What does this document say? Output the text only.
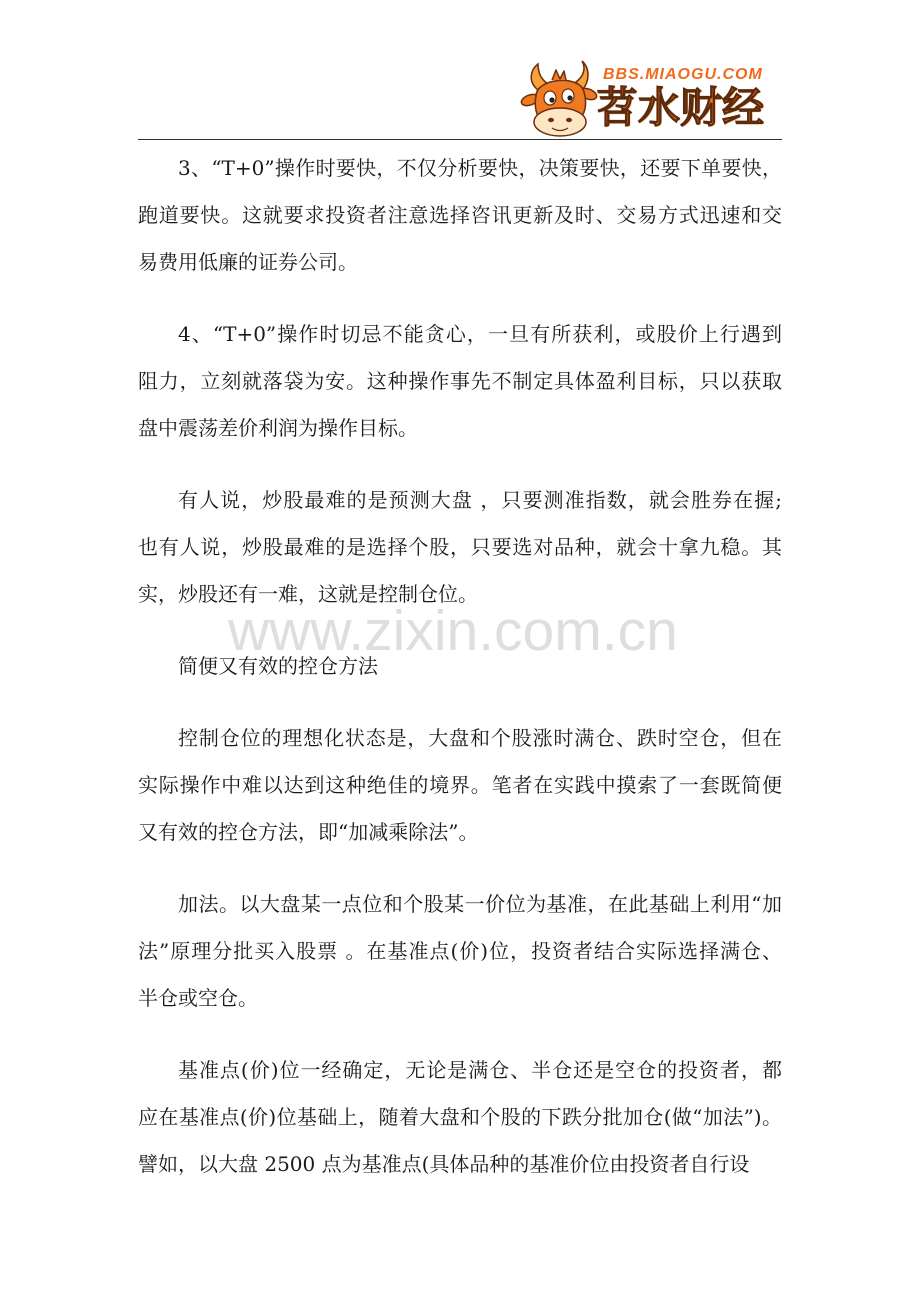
BBS.MIAOGU.COM
苕水财经
www.zixin.com.cn
3、“T+0”操作时要快，不仅分析要快，决策要快，还要下单要快，
跑道要快。这就要求投资者注意选择咨讯更新及时、交易方式迅速和交
易费用低廉的证券公司。
4、“T+0”操作时切忌不能贪心，一旦有所获利，或股价上行遇到
阻力，立刻就落袋为安。这种操作事先不制定具体盈利目标，只以获取
盘中震荡差价利润为操作目标。
有人说，炒股最难的是预测大盘 ，只要测准指数，就会胜券在握;
也有人说，炒股最难的是选择个股，只要选对品种，就会十拿九稳。其
实，炒股还有一难，这就是控制仓位。
简便又有效的控仓方法
控制仓位的理想化状态是，大盘和个股涨时满仓、跌时空仓，但在
实际操作中难以达到这种绝佳的境界。笔者在实践中摸索了一套既简便
又有效的控仓方法，即“加减乘除法”。
加法。以大盘某一点位和个股某一价位为基准，在此基础上利用“加
法”原理分批买入股票 。在基准点(价)位，投资者结合实际选择满仓、
半仓或空仓。
基准点(价)位一经确定，无论是满仓、半仓还是空仓的投资者，都
应在基准点(价)位基础上，随着大盘和个股的下跌分批加仓(做“加法”)。
譬如，以大盘 2500 点为基准点(具体品种的基准价位由投资者自行设
